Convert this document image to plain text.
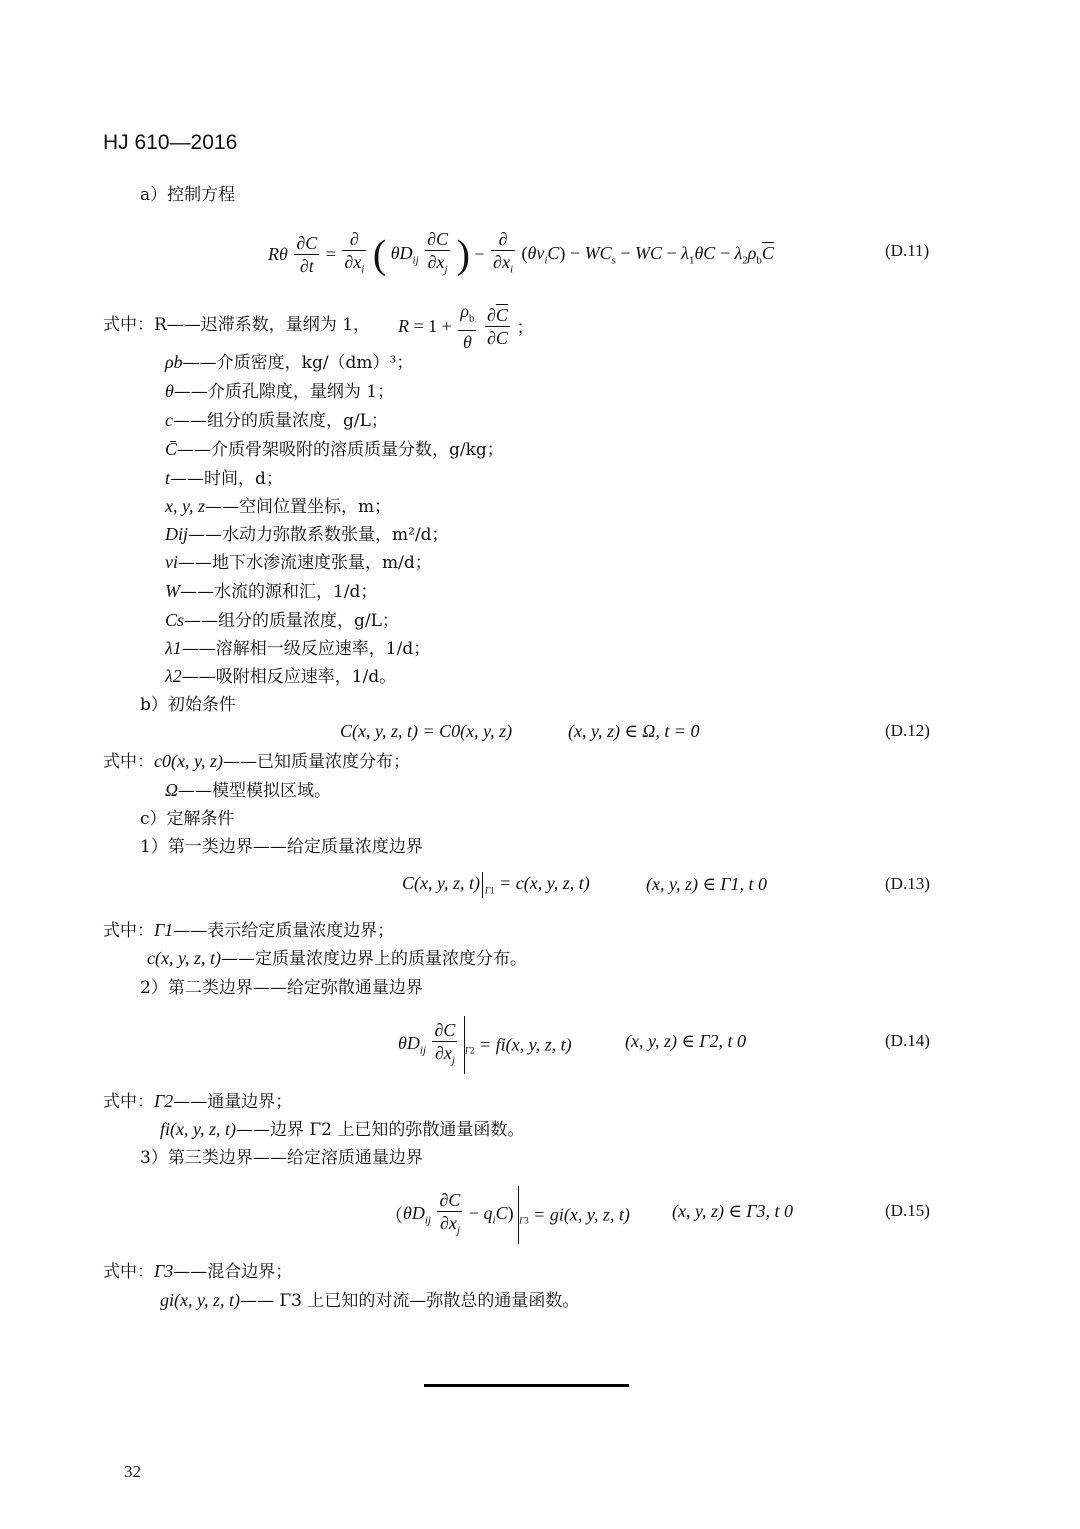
HJ 610—2016
a）控制方程
Rθ $\frac{\partial C}{\partial t} = \frac{\partial}{\partial x_i}$ ( $\theta D_{ij} \frac{\partial C}{\partial x_j}$ ) − $\frac{\partial}{\partial x_i} (\theta v_iC) - WC_s$ − WC − $\lambda_1\theta C - \lambda_2\rho_b\overline{C}$	(D.11)
式中：R——迟滞系数，量纲为 1， $R = 1 + \frac{\rho_b}{\theta}$
$\frac{\partial\overline{C}}{\partial C}$ ；
ρb——介质密度，kg/（dm）³；
θ——介质孔隙度，量纲为 1；
c——组分的质量浓度，g/L；
C̄——介质骨架吸附的溶质质量分数，g/kg；
t——时间，d；
x, y, z——空间位置坐标，m；
Dij——水动力弥散系数张量，m²/d；
vi——地下水渗流速度张量，m/d；
W——水流的源和汇，1/d；
Cs——组分的质量浓度，g/L；
λ1——溶解相一级反应速率，1/d；
λ2——吸附相反应速率，1/d。
b）初始条件
C(x, y, z, t) = C0(x, y, z)	(x, y, z) ∈ Ω, t = 0	(D.12)
式中：c0(x, y, z)——已知质量浓度分布；
Ω——模型模拟区域。
c）定解条件
1）第一类边界——给定质量浓度边界
C(x, y, z, t) $_{\Gamma 1}$ = c(x, y, z, t)	(x, y, z) ∈ Γ1, t 0	(D.13)
式中：Γ1——表示给定质量浓度边界；
c(x, y, z, t)——定质量浓度边界上的质量浓度分布。
2）第二类边界——给定弥散通量边界
$\theta D_{ij} \frac{\partial C}{\partial x_j} _{\Gamma 2} = fi(x$, y, z, t)	(x, y, z) ∈ Γ2, t 0	(D.14)
式中：Γ2——通量边界；
fi(x, y, z, t)——边界 Γ2 上已知的弥散通量函数。
3）第三类边界——给定溶质通量边界
$(\theta D_{ij} \frac{\partial C}{\partial x_j} - q_iC)$ $_{\Gamma 3}$ = gi(x, y, z, t) (x, y, z) ∈ Γ3, t 0	(D.15)
式中：Γ3——混合边界；
gi(x, y, z, t)—— Γ3 上已知的对流—弥散总的通量函数。
32
